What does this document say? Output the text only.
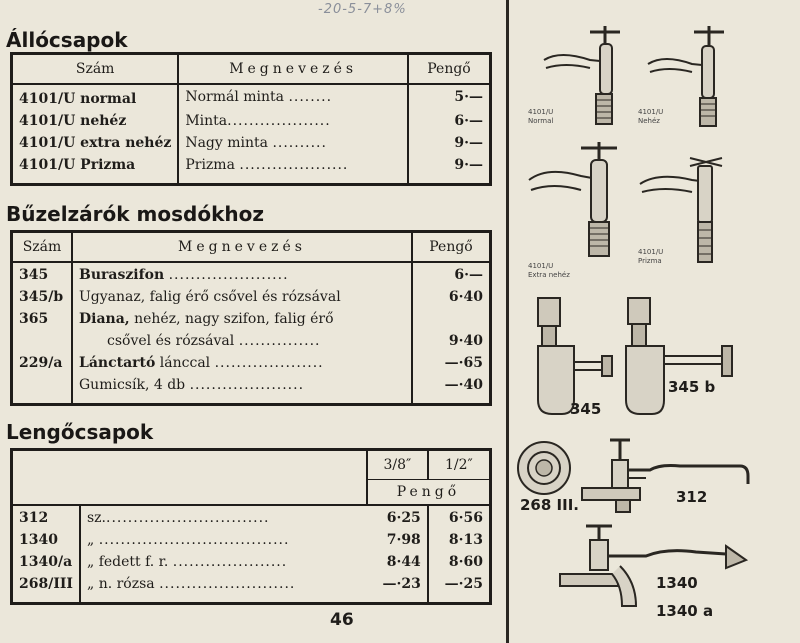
-20-5-7+8%
Állócsapok
Szám	Megnevezés	Pengő
4101/U normal	Normál minta ........	5·—
4101/U nehéz	Minta...................	6·—
4101/U extra nehéz	Nagy minta ..........	9·—
4101/U Prizma	Prizma ....................	9·—
Bűzelzárók mosdókhoz
Szám	Megnevezés	Pengő
345	Buraszifon ......................	6·—
345/b	Ugyanaz, falig érő csővel és rózsával	6·40
365	Diana, nehéz, nagy szifon, falig érő	
	csővel és rózsával ...............	9·40
229/a	Lánctartó lánccal ....................	—·65
	Gumicsík, 4 db .....................	—·40
Lengőcsapok
		3/8″	1/2″
		Pengő	
312	sz...............................	6·25	6·56
1340	„ ...................................	7·98	8·13
1340/a	„ fedett f. r. .....................	8·44	8·60
268/III	„ n. rózsa .........................	—·23	—·25
46
4101/U
Normal
4101/U
Nehéz
4101/U
Extra nehéz
4101/U
Prizma
345
345 b
268 III.	312
1340
1340 a
